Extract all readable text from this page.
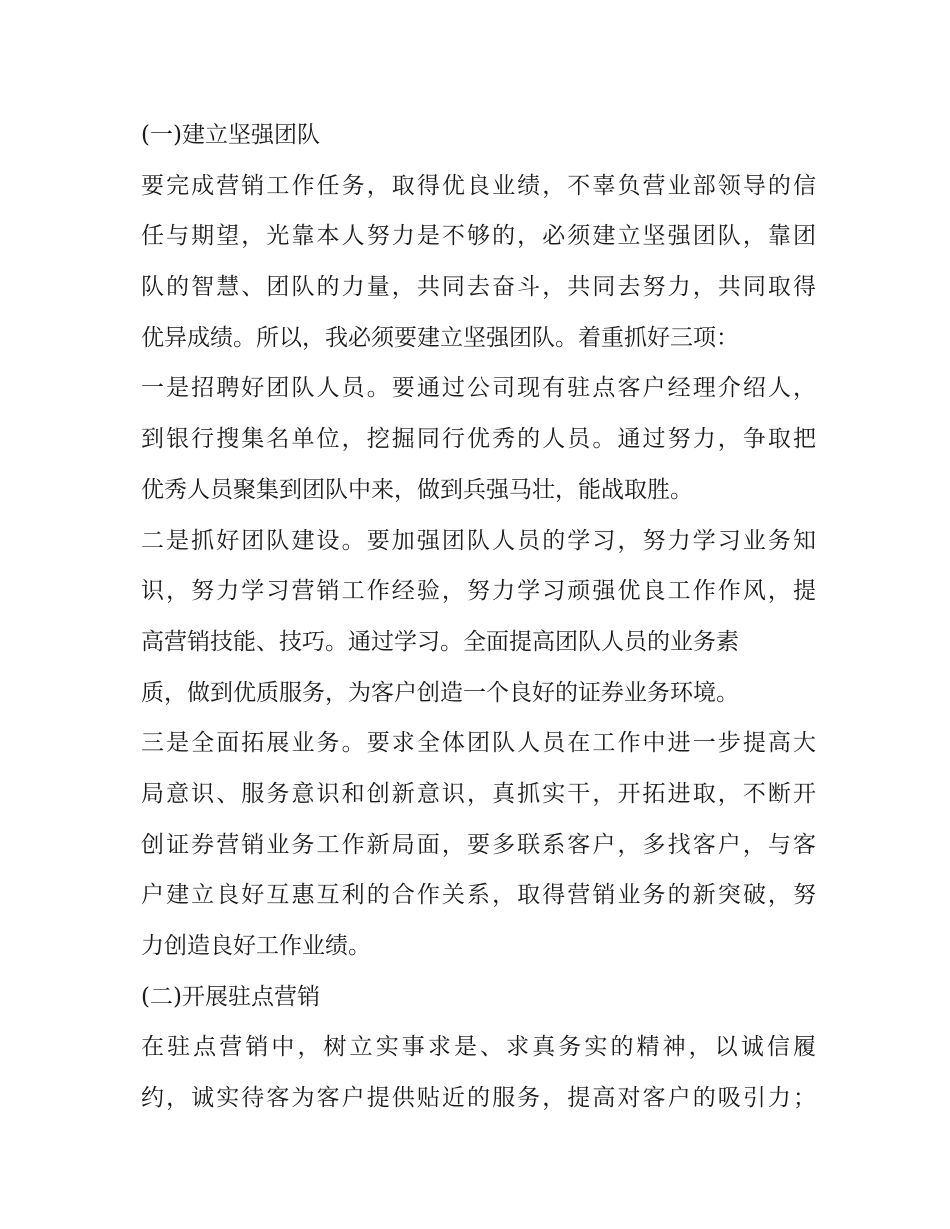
(一)建立坚强团队
要完成营销工作任务，取得优良业绩，不辜负营业部领导的信
任与期望，光靠本人努力是不够的，必须建立坚强团队，靠团
队的智慧、团队的力量，共同去奋斗，共同去努力，共同取得
优异成绩。所以，我必须要建立坚强团队。着重抓好三项：
一是招聘好团队人员。要通过公司现有驻点客户经理介绍人，
到银行搜集名单位，挖掘同行优秀的人员。通过努力，争取把
优秀人员聚集到团队中来，做到兵强马壮，能战取胜。
二是抓好团队建设。要加强团队人员的学习，努力学习业务知
识，努力学习营销工作经验，努力学习顽强优良工作作风，提
高营销技能、技巧。通过学习。全面提高团队人员的业务素
质，做到优质服务，为客户创造一个良好的证券业务环境。
三是全面拓展业务。要求全体团队人员在工作中进一步提高大
局意识、服务意识和创新意识，真抓实干，开拓进取，不断开
创证券营销业务工作新局面，要多联系客户，多找客户，与客
户建立良好互惠互利的合作关系，取得营销业务的新突破，努
力创造良好工作业绩。
(二)开展驻点营销
在驻点营销中，树立实事求是、求真务实的精神，以诚信履
约，诚实待客为客户提供贴近的服务，提高对客户的吸引力；
